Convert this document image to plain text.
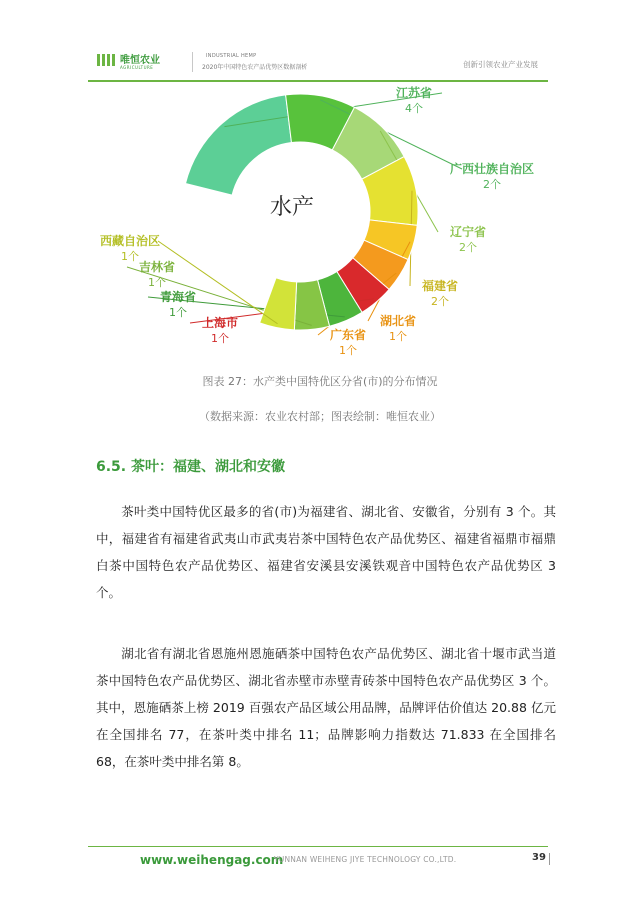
唯恒农业
AGRICULTURE
INDUSTRIAL HEMP
2020年中国特色农产品优势区数据剖析	创新引领农业产业发展
江苏省
4个
广西壮族自治区
2个
辽宁省
2个
福建省
2个
湖北省
1个
广东省
1个
上海市
1个
青海省
1个
吉林省
1个
西藏自治区
1个
水产
图表 27：水产类中国特优区分省(市)的分布情况
（数据来源：农业农村部；图表绘制：唯恒农业）
6.5. 茶叶：福建、湖北和安徽

茶叶类中国特优区最多的省(市)为福建省、湖北省、安徽省，分别有 3 个。其中，福建省有福建省武夷山市武夷岩茶中国特色农产品优势区、福建省福鼎市福鼎白茶中国特色农产品优势区、福建省安溪县安溪铁观音中国特色农产品优势区 3 个。

湖北省有湖北省恩施州恩施硒茶中国特色农产品优势区、湖北省十堰市武当道茶中国特色农产品优势区、湖北省赤壁市赤壁青砖茶中国特色农产品优势区 3 个。其中，恩施硒茶上榜 2019 百强农产品区域公用品牌，品牌评估价值达 20.88 亿元在全国排名 77，在茶叶类中排名 11；品牌影响力指数达 71.833 在全国排名 68，在茶叶类中排名第 8。

www.weihengag.com
YUNNAN WEIHENG JIYE TECHNOLOGY CO.,LTD.	39
